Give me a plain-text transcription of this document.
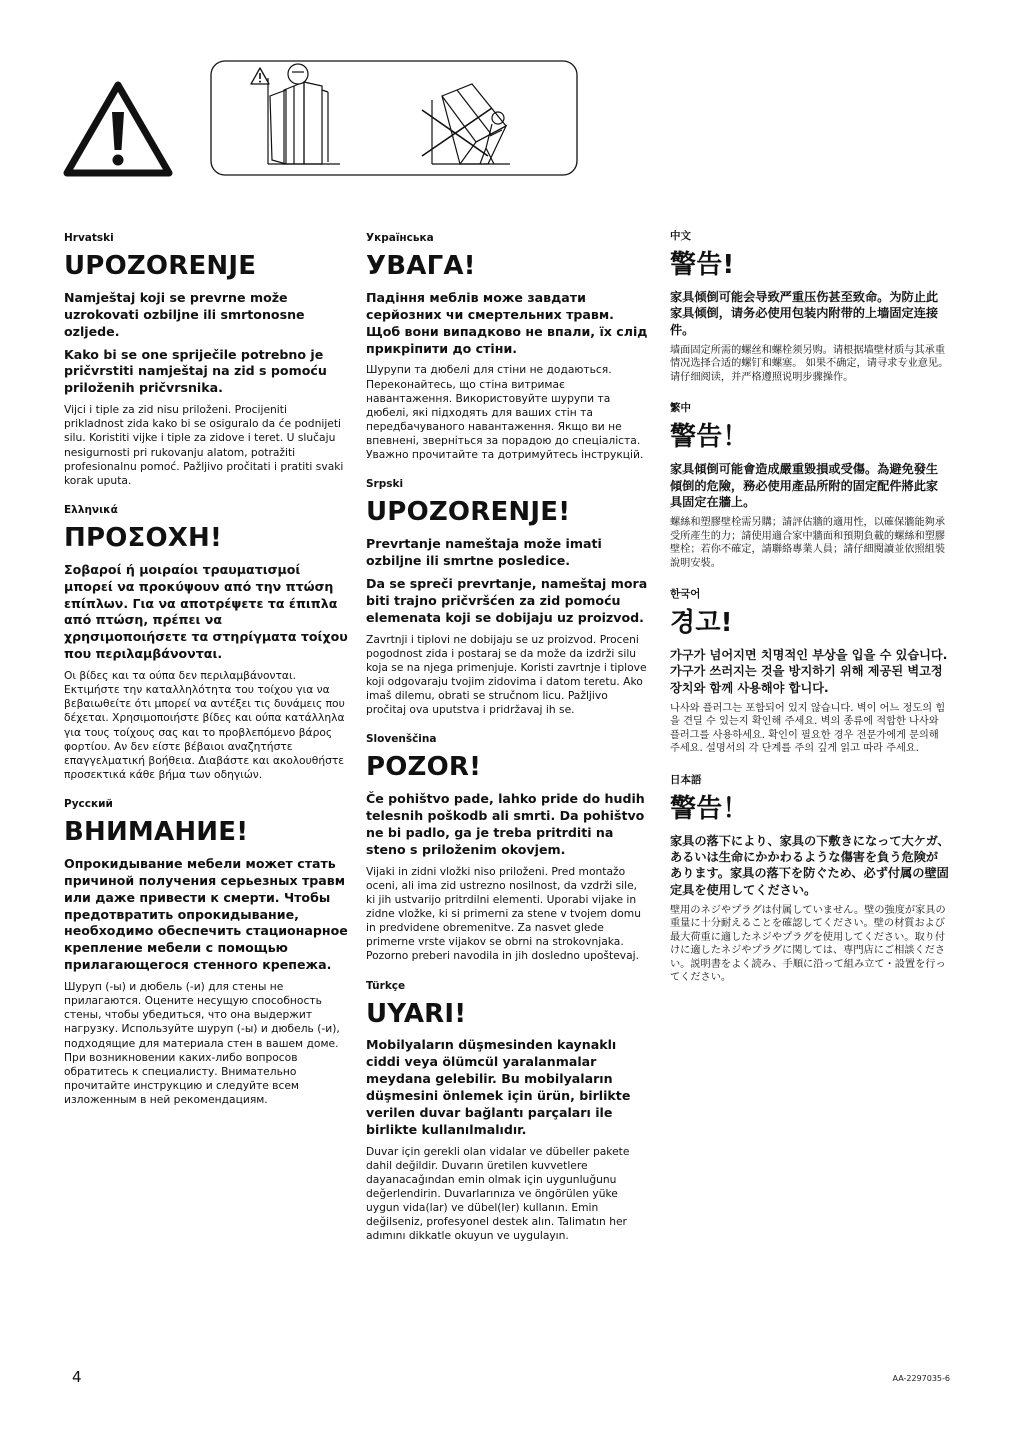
Hrvatski
UPOZORENJE
Namještaj koji se prevrne može uzrokovati ozbiljne ili smrtonosne ozljede.
Kako bi se one spriječile potrebno je pričvrstiti namještaj na zid s pomoću priloženih pričvrsnika.
Vijci i tiple za zid nisu priloženi. Procijeniti prikladnost zida kako bi se osiguralo da će podnijeti silu. Koristiti vijke i tiple za zidove i teret. U slučaju nesigurnosti pri rukovanju alatom, potražiti profesionalnu pomoć. Pažljivo pročitati i pratiti svaki korak uputa.
Ελληνικά
ΠΡΟΣΟΧΗ!
Σοβαροί ή μοιραίοι τραυματισμοί μπορεί να προκύψουν από την πτώση επίπλων. Για να αποτρέψετε τα έπιπλα από πτώση, πρέπει να χρησιμοποιήσετε τα στηρίγματα τοίχου που περιλαμβάνονται.
Οι βίδες και τα ούπα δεν περιλαμβάνονται. Εκτιμήστε την καταλληλότητα του τοίχου για να βεβαιωθείτε ότι μπορεί να αντέξει τις δυνάμεις που δέχεται. Χρησιμοποιήστε βίδες και ούπα κατάλληλα για τους τοίχους σας και το προβλεπόμενο βάρος φορτίου. Αν δεν είστε βέβαιοι αναζητήστε επαγγελματική βοήθεια. Διαβάστε και ακολουθήστε προσεκτικά κάθε βήμα των οδηγιών.
Русский
ВНИМАНИЕ!
Опрокидывание мебели может стать причиной получения серьезных травм или даже привести к смерти. Чтобы предотвратить опрокидывание, необходимо обеспечить стационарное крепление мебели с помощью прилагающегося стенного крепежа.
Шуруп (-ы) и дюбель (-и) для стены не прилагаются. Оцените несущую способность стены, чтобы убедиться, что она выдержит нагрузку. Используйте шуруп (-ы) и дюбель (-и), подходящие для материала стен в вашем доме. При возникновении каких-либо вопросов обратитесь к специалисту. Внимательно прочитайте инструкцию и следуйте всем изложенным в ней рекомендациям.
Українська
УВАГА!
Падіння меблів може завдати серйозних чи смертельних травм. Щоб вони випадково не впали, їх слід прикріпити до стіни.
Шурупи та дюбелі для стіни не додаються. Переконайтесь, що стіна витримає навантаження. Використовуйте шурупи та дюбелі, які підходять для ваших стін та передбачуваного навантаження. Якщо ви не впевнені, зверніться за порадою до спеціаліста. Уважно прочитайте та дотримуйтесь інструкцій.
Srpski
UPOZORENJE!
Prevrtanje nameštaja može imati ozbiljne ili smrtne posledice.
Da se spreči prevrtanje, nameštaj mora biti trajno pričvršćen za zid pomoću elemenata koji se dobijaju uz proizvod.
Zavrtnji i tiplovi ne dobijaju se uz proizvod. Proceni pogodnost zida i postaraj se da može da izdrži silu koja se na njega primenjuje. Koristi zavrtnje i tiplove koji odgovaraju tvojim zidovima i datom teretu. Ako imaš dilemu, obrati se stručnom licu. Pažljivo pročitaj ova uputstva i pridržavaj ih se.
Slovenščina
POZOR!
Če pohištvo pade, lahko pride do hudih telesnih poškodb ali smrti. Da pohištvo ne bi padlo, ga je treba pritrditi na steno s priloženim okovjem.
Vijaki in zidni vložki niso priloženi. Pred montažo oceni, ali ima zid ustrezno nosilnost, da vzdrži sile, ki jih ustvarijo pritrdilni elementi. Uporabi vijake in zidne vložke, ki si primerni za stene v tvojem domu in predvidene obremenitve. Za nasvet glede primerne vrste vijakov se obrni na strokovnjaka. Pozorno preberi navodila in jih dosledno upoštevaj.
Türkçe
UYARI!
Mobilyaların düşmesinden kaynaklı ciddi veya ölümcül yaralanmalar meydana gelebilir. Bu mobilyaların düşmesini önlemek için ürün, birlikte verilen duvar bağlantı parçaları ile birlikte kullanılmalıdır.
Duvar için gerekli olan vidalar ve dübeller pakete dahil değildir. Duvarın üretilen kuvvetlere dayanacağından emin olmak için uygunluğunu değerlendirin. Duvarlarınıza ve öngörülen yüke uygun vida(lar) ve dübel(ler) kullanın. Emin değilseniz, profesyonel destek alın. Talimatın her adımını dikkatle okuyun ve uygulayın.
中文
警告!
家具倾倒可能会导致严重压伤甚至致命。为防止此家具倾倒，请务必使用包装内附带的上墙固定连接件。
墙面固定所需的螺丝和螺栓须另购。请根据墙壁材质与其承重情况选择合适的螺钉和螺塞。 如果不确定，请寻求专业意见。请仔细阅读，并严格遵照说明步骤操作。
繁中
警告！
家具傾倒可能會造成嚴重毀損或受傷。為避免發生傾倒的危險，務必使用產品所附的固定配件將此家具固定在牆上。
螺絲和塑膠壁栓需另購；請評估牆的適用性，以確保牆能夠承受所產生的力；請使用適合家中牆面和預期負載的螺絲和塑膠壁栓；若你不確定，請聯絡專業人員；請仔細閱讀並依照組裝說明安裝。
한국어
경고!
가구가 넘어지면 치명적인 부상을 입을 수 있습니다. 가구가 쓰러지는 것을 방지하기 위해 제공된 벽고정 장치와 함께 사용해야 합니다.
나사와 플러그는 포함되어 있지 않습니다. 벽이 어느 정도의 힘을 견딜 수 있는지 확인해 주세요. 벽의 종류에 적합한 나사와 플러그를 사용하세요. 확인이 필요한 경우 전문가에게 문의해 주세요. 설명서의 각 단계를 주의 깊게 읽고 따라 주세요.
日本語
警告！
家具の落下により、家具の下敷きになって大ケガ、あるいは生命にかかわるような傷害を負う危険があります。家具の落下を防ぐため、必ず付属の壁固定具を使用してください。
壁用のネジやプラグは付属していません。壁の強度が家具の重量に十分耐えることを確認してください。壁の材質および最大荷重に適したネジやプラグを使用してください。取り付けに適したネジやプラグに関しては、専門店にご相談ください。説明書をよく読み、手順に沿って組み立て・設置を行ってください。
4	AA-2297035-6
